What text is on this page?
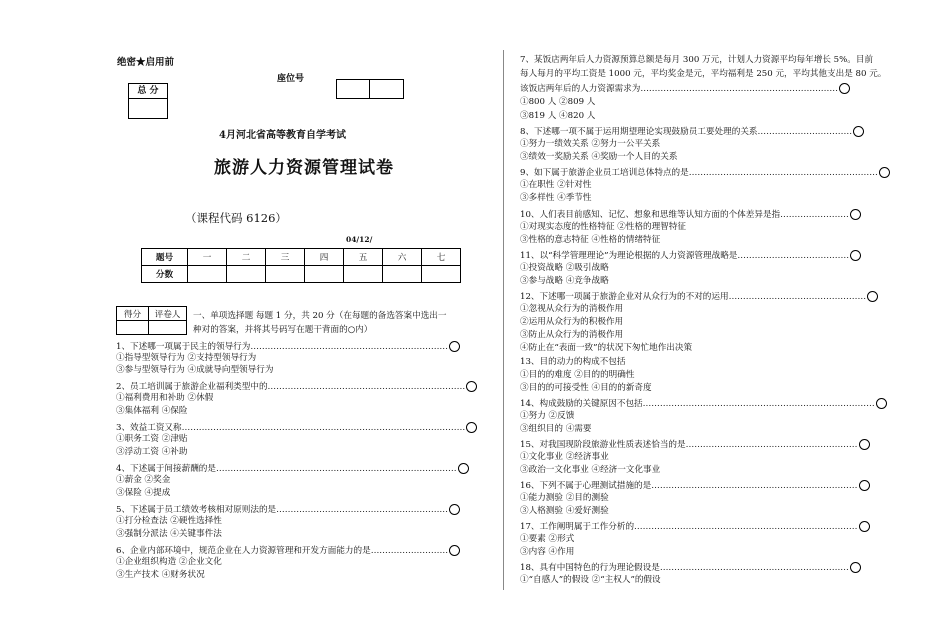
绝密★启用前
座位号
总 分
4月河北省高等教育自学考试
旅游人力资源管理试卷
（课程代码 6126）
04/12/
题号	一	二	三	四	五	六	七
分数							
得分	评卷人
	一、单项选择题 每题 1 分，共 20 分（在每题的备选答案中选出一
种对的答案，并将其号码写在题干背面的○内）
1、下述哪一项属于民主的领导行为……………………………………………………………
①指导型领导行为 ②支持型领导行为
③参与型领导行为 ④成就导向型领导行为
2、员工培训属于旅游企业福利类型中的……………………………………………………………
①福利费用和补助 ②休假
③集体福利 ④保险
3、效益工资又称………………………………………………………………………………………
①职务工资 ②津贴
③浮动工资 ④补助
4、下述属于间接薪酬的是…………………………………………………………………………
①薪金 ②奖金
③保险 ④提成
5、下述属于员工绩效考核相对原则法的是……………………………………………………
①打分检查法 ②硬性选择性
③强制分派法 ④关键事件法
6、企业内部环境中，规范企业在人力资源管理和开发方面能力的是………………………
①企业组织构造 ②企业文化
③生产技术 ④财务状况
7、某饭店两年后人力资源预算总额是每月 300 万元，计划人力资源平均每年增长 5%。目前
每人每月的平均工资是 1000 元，平均奖金是元，平均福利是 250 元，平均其他支出是 80 元。
该饭店两年后的人力资源需求为……………………………………………………………
①800 人 ②809 人
③819 人 ④820 人
8、下述哪一项不属于运用期望理论实现鼓励员工要处理的关系……………………………
①努力一绩效关系 ②努力一公平关系
③绩效一奖励关系 ④奖励一个人目的关系
9、如下属于旅游企业员工培训总体特点的是…………………………………………………………
①在职性 ②针对性
③多样性 ④季节性
10、人们表目前感知、记忆、想象和思维等认知方面的个体差异是指……………………
①对现实态度的性格特征 ②性格的理智特征
③性格的意志特征 ④性格的情绪特征
11、以“科学管理理论”为理论根据的人力资源管理战略是…………………………………
①投资战略 ②吸引战略
③参与战略 ④竞争战略
12、下述哪一项属于旅游企业对从众行为的不对的运用…………………………………………
①忽视从众行为的消极作用
②运用从众行为的积极作用
③防止从众行为的消极作用
④防止在“表面一致”的状况下匆忙地作出决策
13、目的动力的构成不包括
①目的的难度 ②目的的明确性
③目的的可接受性 ④目的的新奇度
14、构成鼓励的关键原因不包括………………………………………………………………………
①努力 ②反馈
③组织目的 ④需要
15、对我国现阶段旅游业性质表述恰当的是……………………………………………………
①文化事业 ②经济事业
③政治一文化事业 ④经济一文化事业
16、下列不属于心理测试措施的是………………………………………………………………
①能力测验 ②目的测验
③人格测验 ④爱好测验
17、工作阐明属于工作分析的……………………………………………………………………
①要素 ②形式
③内容 ④作用
18、具有中国特色的行为理论假设是…………………………………………………………
①“自感人”的假设 ②“主权人”的假设
